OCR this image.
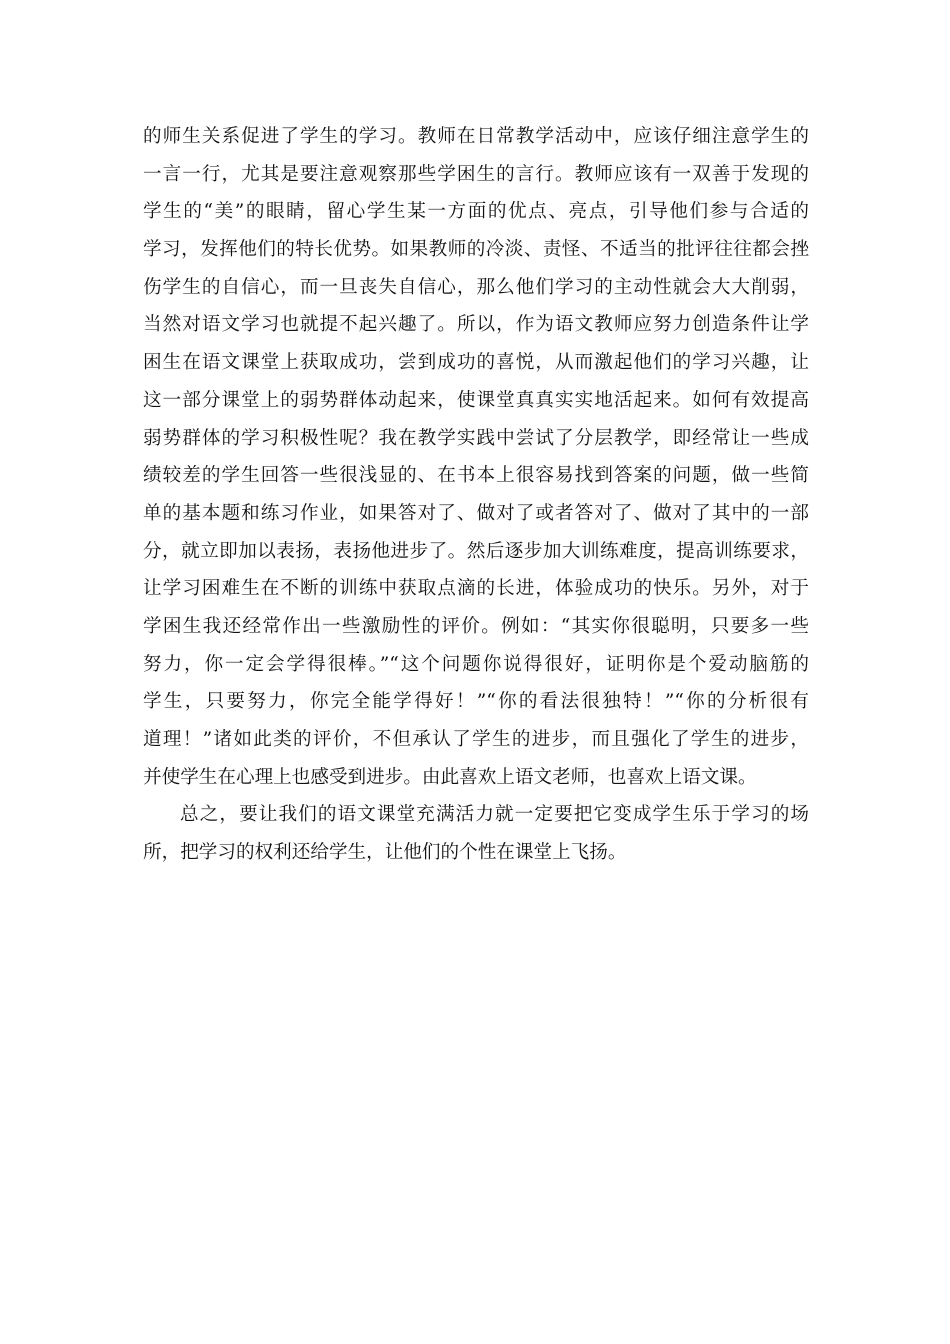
的师生关系促进了学生的学习。教师在日常教学活动中，应该仔细注意学生的
一言一行，尤其是要注意观察那些学困生的言行。教师应该有一双善于发现的
学生的“美”的眼睛，留心学生某一方面的优点、亮点，引导他们参与合适的
学习，发挥他们的特长优势。如果教师的冷淡、责怪、不适当的批评往往都会挫
伤学生的自信心，而一旦丧失自信心，那么他们学习的主动性就会大大削弱，
当然对语文学习也就提不起兴趣了。所以，作为语文教师应努力创造条件让学
困生在语文课堂上获取成功，尝到成功的喜悦，从而激起他们的学习兴趣，让
这一部分课堂上的弱势群体动起来，使课堂真真实实地活起来。如何有效提高
弱势群体的学习积极性呢？我在教学实践中尝试了分层教学，即经常让一些成
绩较差的学生回答一些很浅显的、在书本上很容易找到答案的问题，做一些简
单的基本题和练习作业，如果答对了、做对了或者答对了、做对了其中的一部
分，就立即加以表扬，表扬他进步了。然后逐步加大训练难度，提高训练要求，
让学习困难生在不断的训练中获取点滴的长进，体验成功的快乐。另外，对于
学困生我还经常作出一些激励性的评价。例如：“其实你很聪明，只要多一些
努力，你一定会学得很棒。”“这个问题你说得很好，证明你是个爱动脑筋的
学生，只要努力，你完全能学得好！”“你的看法很独特！”“你的分析很有
道理！”诸如此类的评价，不但承认了学生的进步，而且强化了学生的进步，
并使学生在心理上也感受到进步。由此喜欢上语文老师，也喜欢上语文课。

总之，要让我们的语文课堂充满活力就一定要把它变成学生乐于学习的场
所，把学习的权利还给学生，让他们的个性在课堂上飞扬。
